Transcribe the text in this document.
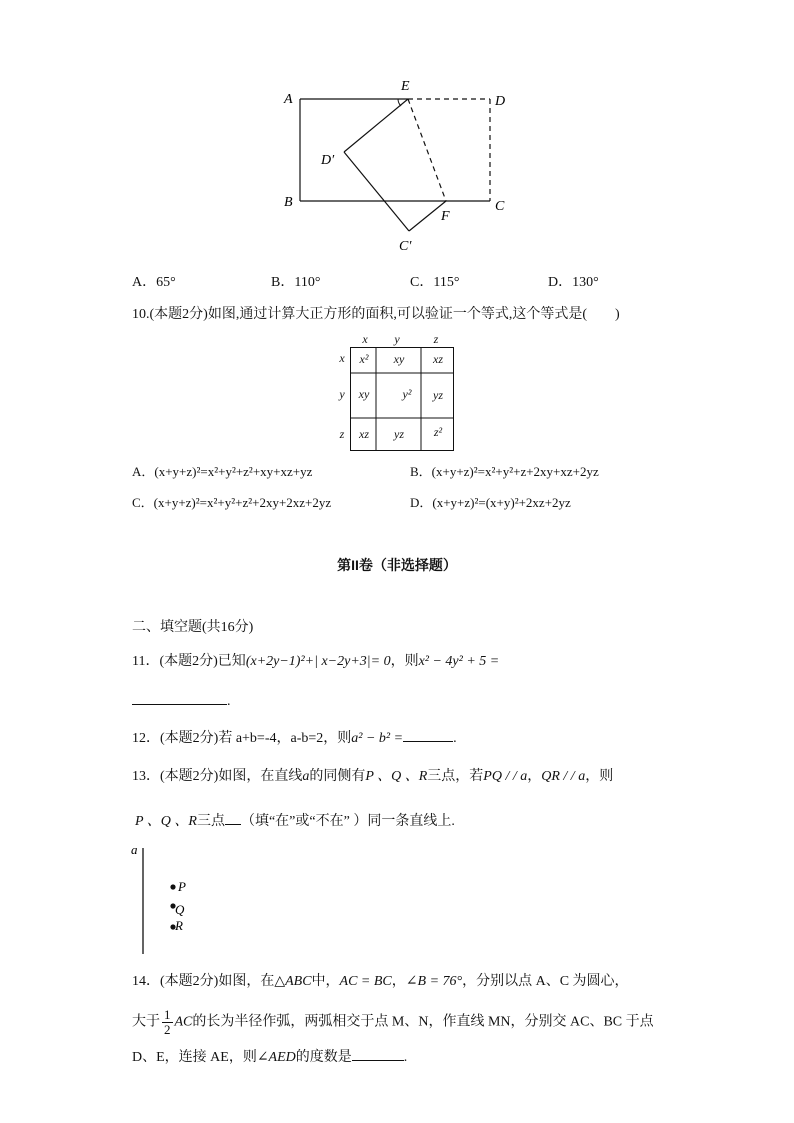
A
E
D
D′
B
F
C
C′
A．65°	B．110°	C．115°	D．130°
10.(本题2分)如图,通过计算大正方形的面积,可以验证一个等式,这个等式是(　　)
x	y	z
x
y
z
x²	xy	xz
xy	y²	yz
xz	yz	z²
A．(x+y+z)²=x²+y²+z²+xy+xz+yz	B．(x+y+z)²=x²+y²+z+2xy+xz+2yz
C．(x+y+z)²=x²+y²+z²+2xy+2xz+2yz	D．(x+y+z)²=(x+y)²+2xz+2yz
第II卷（非选择题）
二、填空题(共16分)
11．(本题2分)已知(x+2y−1)²+| x−2y+3|= 0，则x² − 4y² + 5 =
.
12．(本题2分)若 a+b=-4，a-b=2，则a² − b² =	.
13．(本题2分)如图，在直线a的同侧有P 、Q 、R三点，若PQ / / a，QR / / a，则
P 、Q 、R三点 （填“在”或“不在” ）同一条直线上.
a
P
Q
R
14．(本题2分)如图，在△ABC中，AC = BC，∠B = 76°，分别以点 A、C 为圆心，
大于 $\frac{1}{2}$ AC的长为半径作弧，两弧相交于点 M、N，作直线 MN，分别交 AC、BC 于点
D、E，连接 AE，则∠AED的度数是	.
